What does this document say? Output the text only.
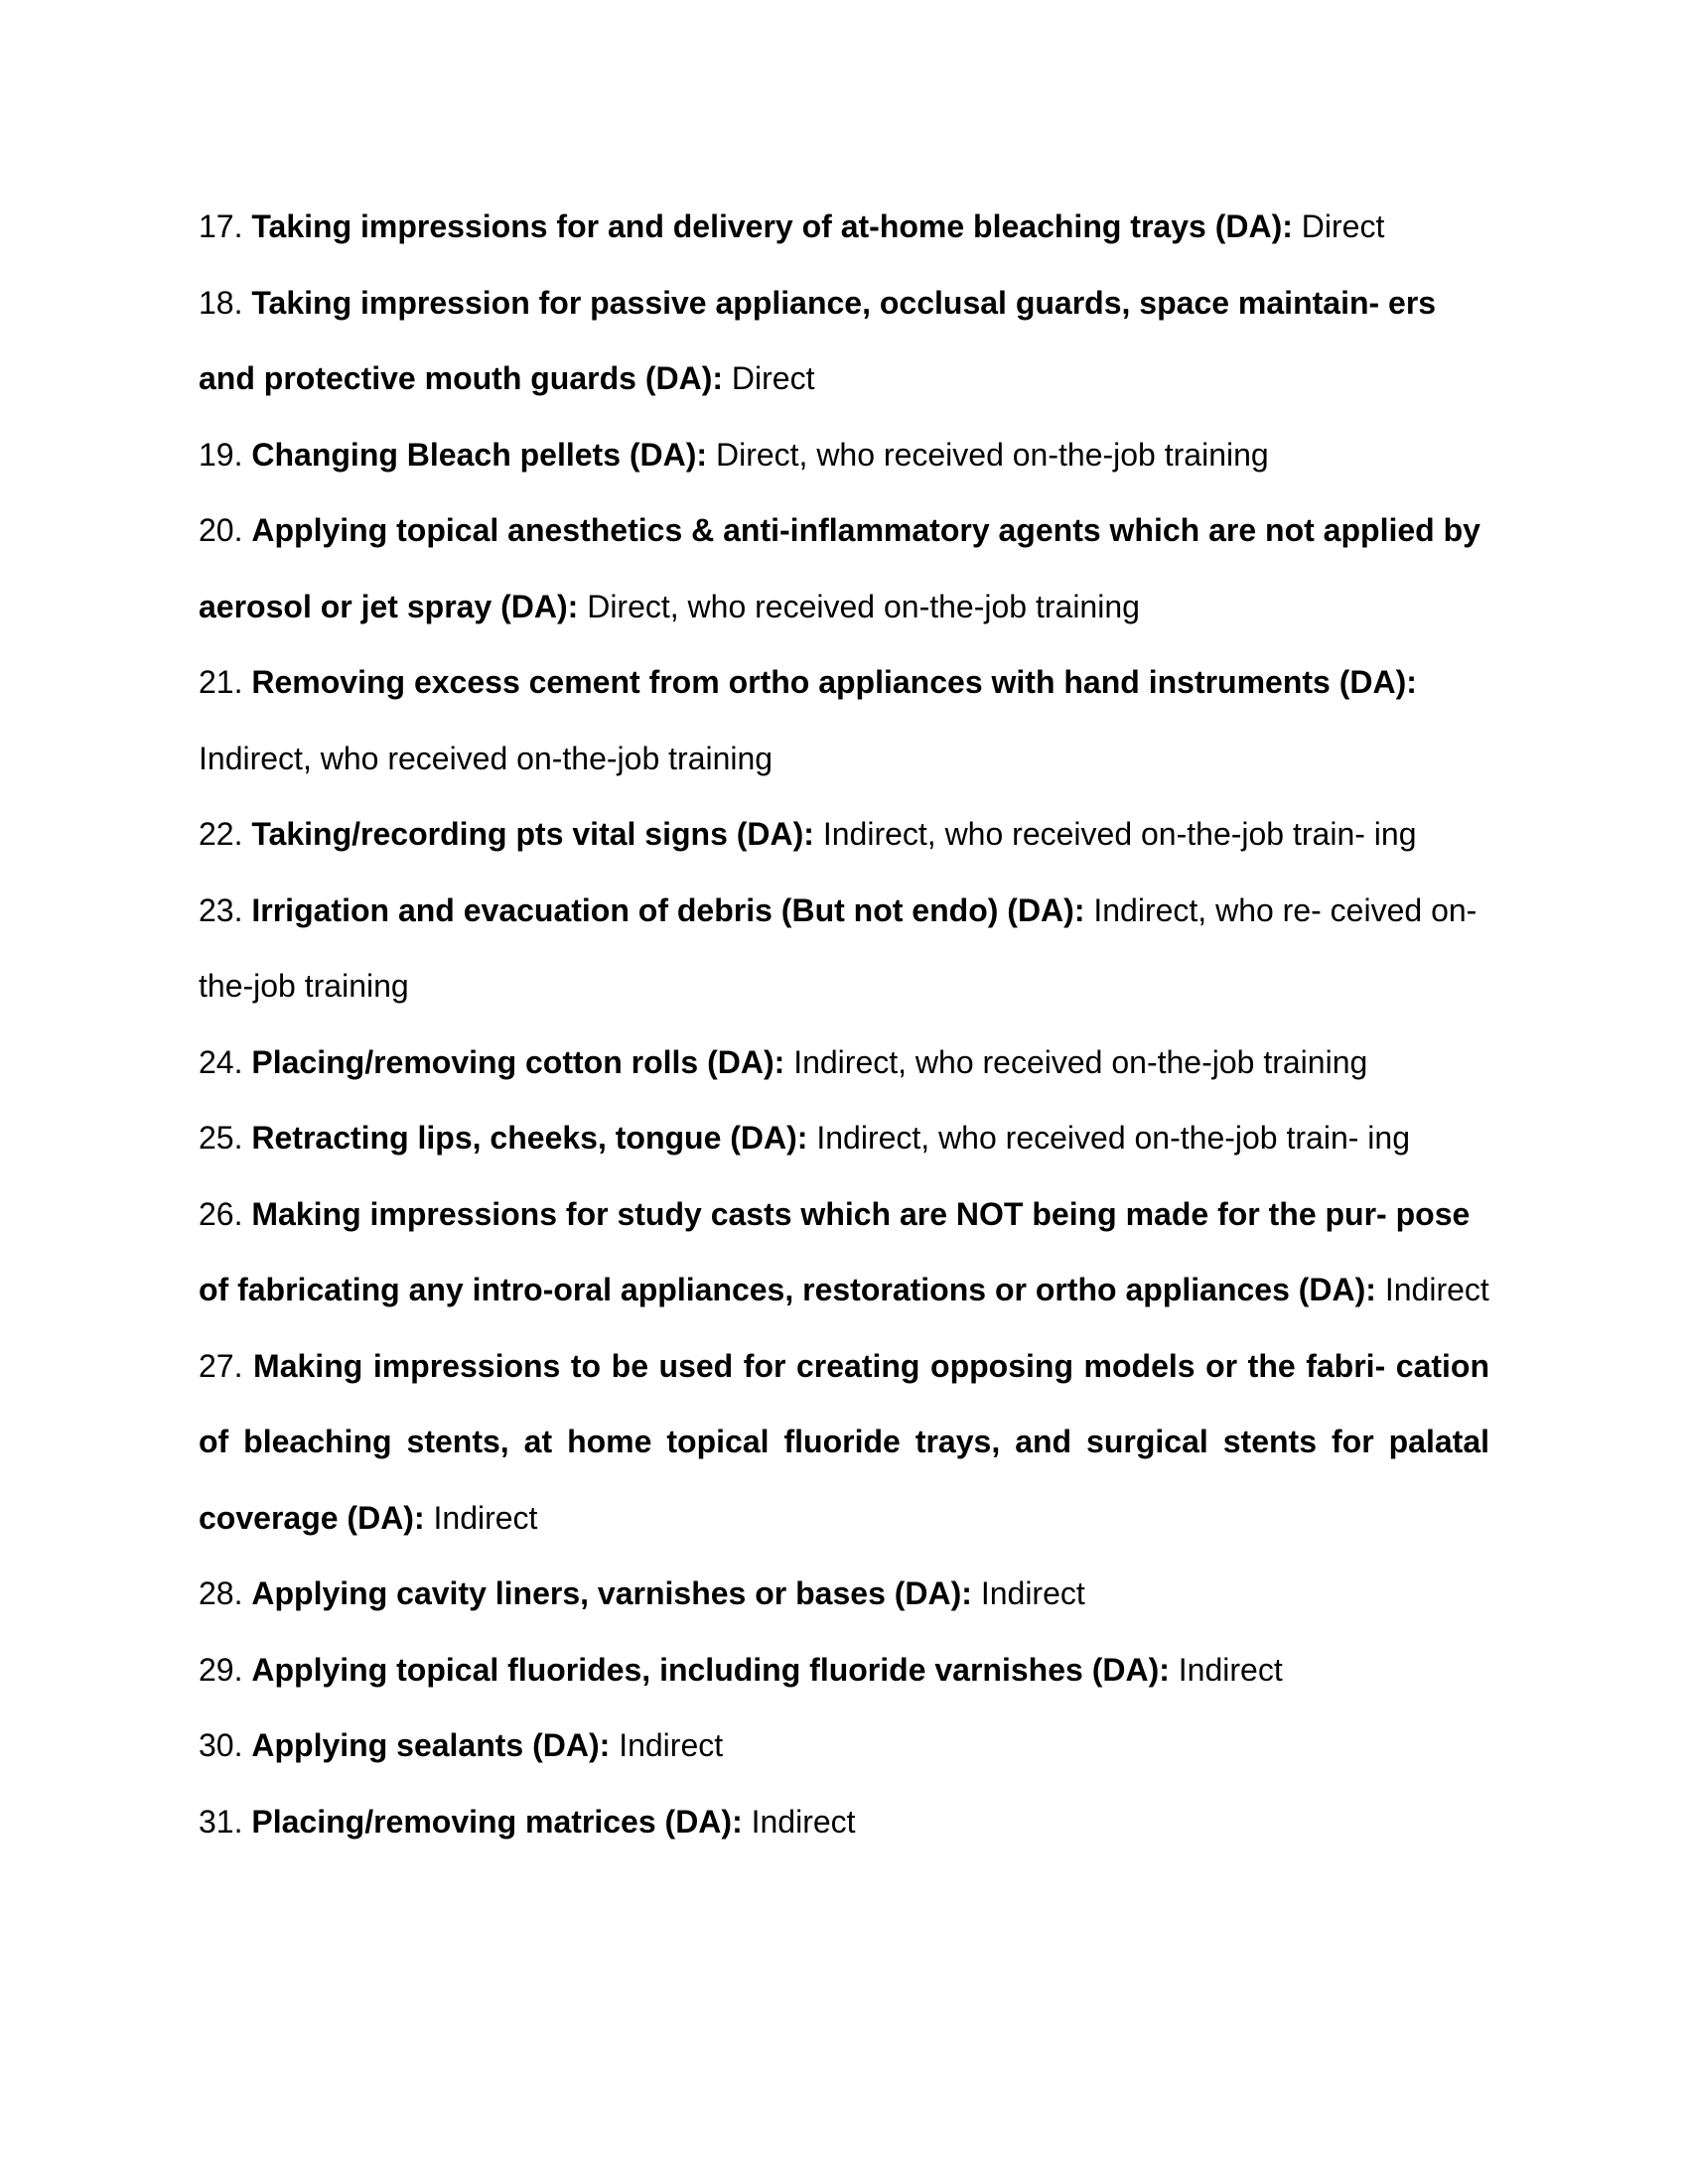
17. Taking impressions for and delivery of at-home bleaching trays (DA): Direct

18. Taking impression for passive appliance, occlusal guards, space maintain- ers and protective mouth guards (DA): Direct

19. Changing Bleach pellets (DA): Direct, who received on-the-job training

20. Applying topical anesthetics & anti-inflammatory agents which are not applied by aerosol or jet spray (DA): Direct, who received on-the-job training

21. Removing excess cement from ortho appliances with hand instruments (DA): Indirect, who received on-the-job training

22. Taking/recording pts vital signs (DA): Indirect, who received on-the-job train- ing

23. Irrigation and evacuation of debris (But not endo) (DA): Indirect, who re- ceived on-the-job training

24. Placing/removing cotton rolls (DA): Indirect, who received on-the-job training

25. Retracting lips, cheeks, tongue (DA): Indirect, who received on-the-job train- ing

26. Making impressions for study casts which are NOT being made for the pur- pose of fabricating any intro-oral appliances, restorations or ortho appliances (DA): Indirect

27. Making impressions to be used for creating opposing models or the fabri- cation of bleaching stents, at home topical fluoride trays, and surgical stents for palatal coverage (DA): Indirect

28. Applying cavity liners, varnishes or bases (DA): Indirect

29. Applying topical fluorides, including fluoride varnishes (DA): Indirect

30. Applying sealants (DA): Indirect

31. Placing/removing matrices (DA): Indirect
